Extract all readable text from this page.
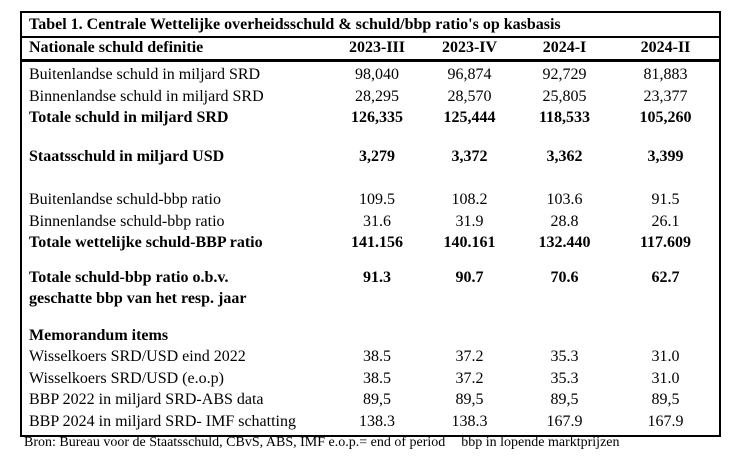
Tabel 1. Centrale Wettelijke overheidsschuld & schuld/bbp ratio's op kasbasis
Nationale schuld definitie	2023-III	2023-IV	2024-I	2024-II
Buitenlandse schuld in miljard SRD	98,040	96,874	92,729	81,883
Binnenlandse schuld in miljard SRD	28,295	28,570	25,805	23,377
Totale schuld in miljard SRD	126,335	125,444	118,533	105,260

Staatsschuld in miljard USD	3,279	3,372	3,362	3,399

Buitenlandse schuld-bbp ratio	109.5	108.2	103.6	91.5
Binnenlandse schuld-bbp ratio	31.6	31.9	28.8	26.1
Totale wettelijke schuld-BBP ratio	141.156	140.161	132.440	117.609

Totale schuld-bbp ratio o.b.v.
geschatte bbp van het resp. jaar	91.3	90.7	70.6	62.7

Memorandum items				
Wisselkoers SRD/USD eind 2022	38.5	37.2	35.3	31.0
Wisselkoers SRD/USD (e.o.p)	38.5	37.2	35.3	31.0
BBP 2022 in miljard SRD-ABS data	89,5	89,5	89,5	89,5
BBP 2024 in miljard SRD- IMF schatting	138.3	138.3	167.9	167.9
Bron: Bureau voor de Staatsschuld, CBvS, ABS, IMF e.o.p.= end of period bbp in lopende marktprijzen
